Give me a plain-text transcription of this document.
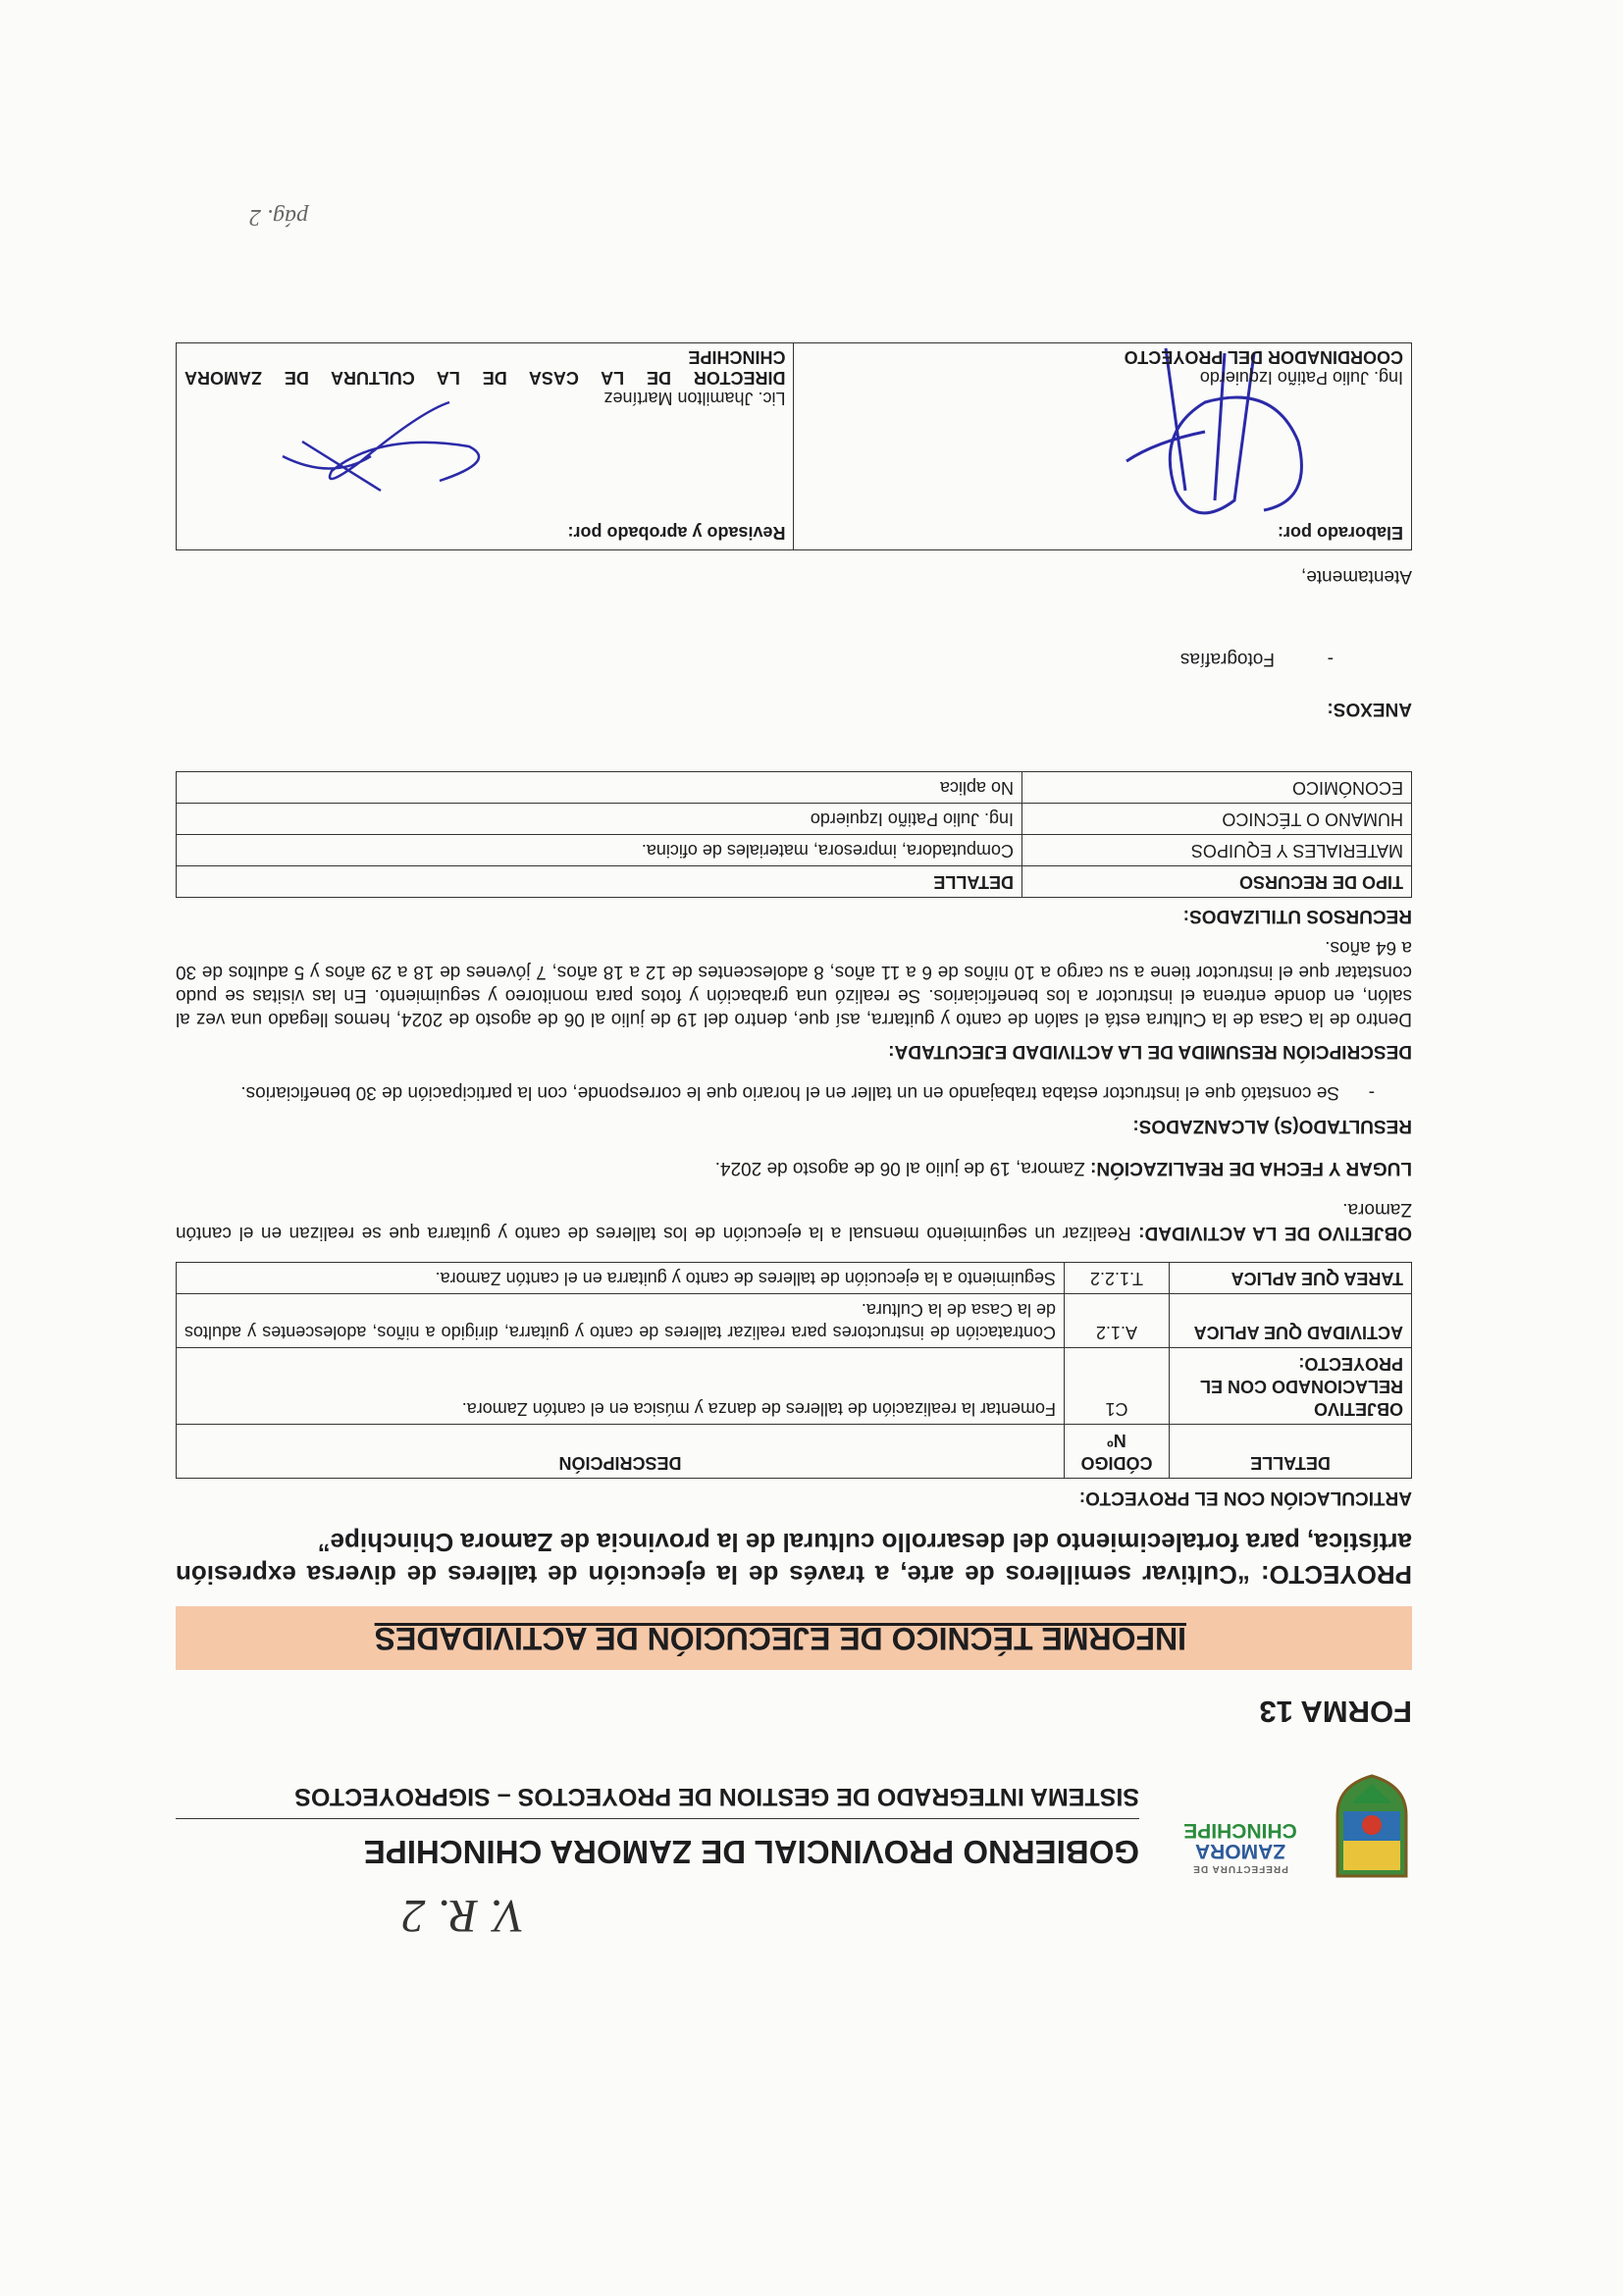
V. R. 2
PREFECTURA DE
ZAMORA
CHINCHIPE
GOBIERNO PROVINCIAL DE ZAMORA CHINCHIPE
SISTEMA INTEGRADO DE GESTION DE PROYECTOS – SIGPROYECTOS
FORMA 13
INFORME TÉCNICO DE EJECUCIÓN DE ACTIVIDADES
PROYECTO: “Cultivar semilleros de arte, a través de la ejecución de talleres de diversa expresión artística, para fortalecimiento del desarrollo cultural de la provincia de Zamora Chinchipe”
ARTICULACIÓN CON EL PROYECTO:
DETALLE	CÓDIGO Nº	DESCRIPCIÓN
OBJETIVO RELACIONADO CON EL PROYECTO:	C1	Fomentar la realización de talleres de danza y música en el cantón Zamora.
ACTIVIDAD QUE APLICA	A.1.2	Contratación de instructores para realizar talleres de canto y guitarra, dirigido a niños, adolescentes y adultos de la Casa de la Cultura.
TAREA QUE APLICA	T.1.2.2	Seguimiento a la ejecución de talleres de canto y guitarra en el cantón Zamora.
OBJETIVO DE LA ACTIVIDAD: Realizar un seguimiento mensual a la ejecución de los talleres de canto y guitarra que se realizan en el cantón Zamora.
LUGAR Y FECHA DE REALIZACIÓN: Zamora, 19 de julio al 06 de agosto de 2024.
RESULTADO(S) ALCANZADOS:
-Se constató que el instructor estaba trabajando en un taller en el horario que le corresponde, con la participación de 30 beneficiarios.
DESCRIPCIÓN RESUMIDA DE LA ACTIVIDAD EJECUTADA:
Dentro de la Casa de la Cultura está el salón de canto y guitarra, así que, dentro del 19 de julio al 06 de agosto de 2024, hemos llegado una vez al salón, en donde entrena el instructor a los beneficiarios. Se realizó una grabación y fotos para monitoreo y seguimiento. En las visitas se pudo constatar que el instructor tiene a su cargo a 10 niños de 6 a 11 años, 8 adolescentes de 12 a 18 años, 7 jóvenes de 18 a 29 años y 5 adultos de 30 a 64 años.
RECURSOS UTILIZADOS:
TIPO DE RECURSO	DETALLE
MATERIALES Y EQUIPOS	Computadora, impresora, materiales de oficina.
HUMANO O TÉCNICO	Ing. Julio Patiño Izquierdo
ECONÓMICO	No aplica
ANEXOS:
-Fotografías
Atentamente,
Elaborado por:
Ing. Julio Patiño Izquierdo
COORDINADOR DEL PROYECTO

Revisado y aprobado por:
Lic. Jhamilton Martínez
DIRECTOR DE LA CASA DE LA CULTURA DE ZAMORA
CHINCHIPE
pág. 2
